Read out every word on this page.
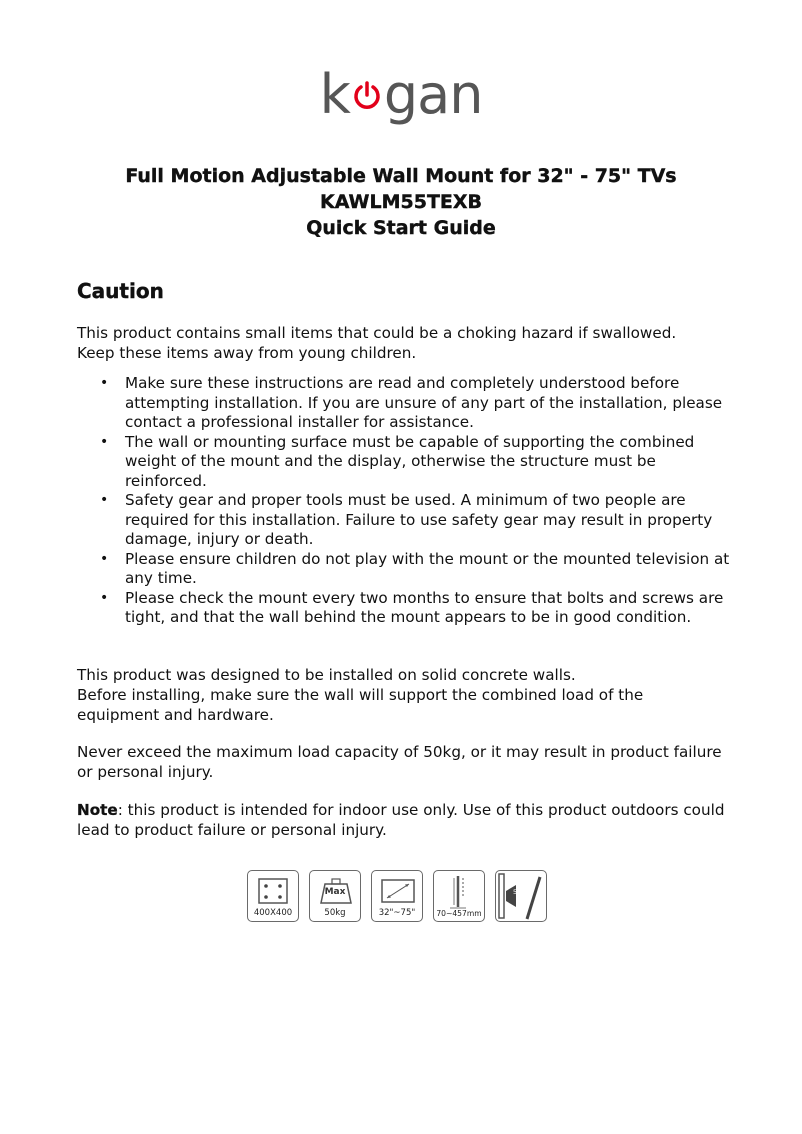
k gan
Full Motion Adjustable Wall Mount for 32" - 75" TVs
KAWLM55TEXB
Quick Start Guide
Caution
This product contains small items that could be a choking hazard if swallowed.
Keep these items away from young children.
• Make sure these instructions are read and completely understood before attempting installation. If you are unsure of any part of the installation, please contact a professional installer for assistance.
• The wall or mounting surface must be capable of supporting the combined weight of the mount and the display, otherwise the structure must be reinforced.
• Safety gear and proper tools must be used. A minimum of two people are required for this installation. Failure to use safety gear may result in property damage, injury or death.
• Please ensure children do not play with the mount or the mounted television at any time.
• Please check the mount every two months to ensure that bolts and screws are tight, and that the wall behind the mount appears to be in good condition.
This product was designed to be installed on solid concrete walls.
Before installing, make sure the wall will support the combined load of the equipment and hardware.
Never exceed the maximum load capacity of 50kg, or it may result in product failure or personal injury.
Note: this product is intended for indoor use only. Use of this product outdoors could lead to product failure or personal injury.
400X400
Max
50kg	32"~75"	70~457mm
5°
12°
